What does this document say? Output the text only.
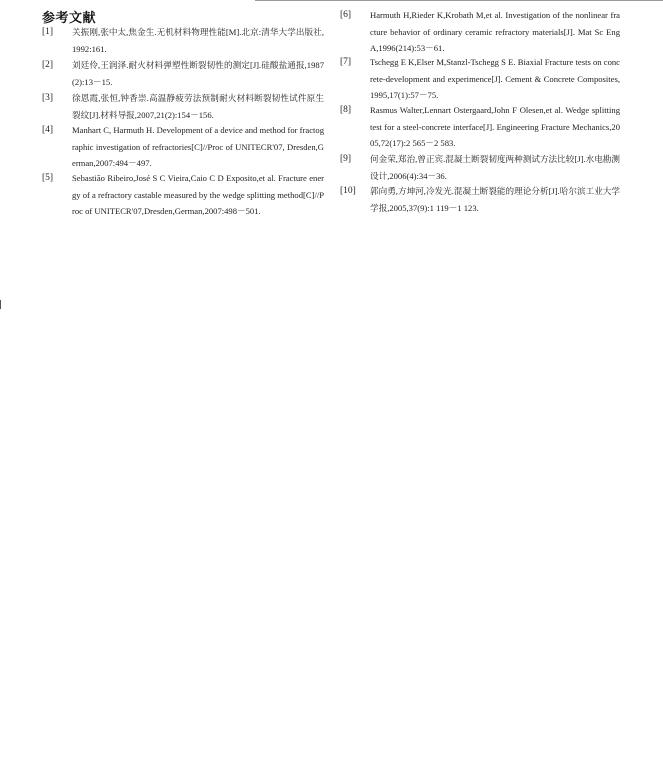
参考文献
[1] 关振刚,张中太,焦金生.无机材料物理性能[M].北京:清华大学出版社,1992:161.
[2] 刘廷伶,王润泽.耐火材料弹塑性断裂韧性的测定[J].硅酸盐通报,1987(2):13－15.
[3] 徐恩霞,张恒,钟香崇.高温静疲劳法预制耐火材料断裂韧性试件原生裂纹[J].材料导报,2007,21(2):154－156.
[4] Manhart C, Harmuth H. Development of a device and method for fractographic investigation of refractories[C]//Proc of UNITECR'07, Dresden,German,2007:494－497.
[5] Sebastião Ribeiro,José S C Vieira,Caio C D Exposito,et al. Fracture energy of a refractory castable measured by the wedge splitting method[C]//Proc of UNITECR'07,Dresden,German,2007:498－501.
[6] Harmuth H,Rieder K,Krobath M,et al. Investigation of the nonlinear fracture behavior of ordinary ceramic refractory materials[J]. Mat Sc Eng A,1996(214):53－61.
[7] Tschegg E K,Elser M,Stanzl-Tschegg S E. Biaxial Fracture tests on concrete-development and experimence[J]. Cement & Concrete Composites,1995,17(1):57－75.
[8] Rasmus Walter,Lennart Ostergaard,John F Olesen,et al. Wedge splitting test for a steel-concrete interface[J]. Engineering Fracture Mechanics,2005,72(17):2 565－2 583.
[9] 何金荣,郑治,曾正宾.混凝土断裂韧度两种测试方法比较[J].水电勘测设计,2006(4):34－36.
[10] 郭向勇,方坤河,冷发光.混凝土断裂能的理论分析[J].哈尔滨工业大学学报,2005,37(9):1 119－1 123.
